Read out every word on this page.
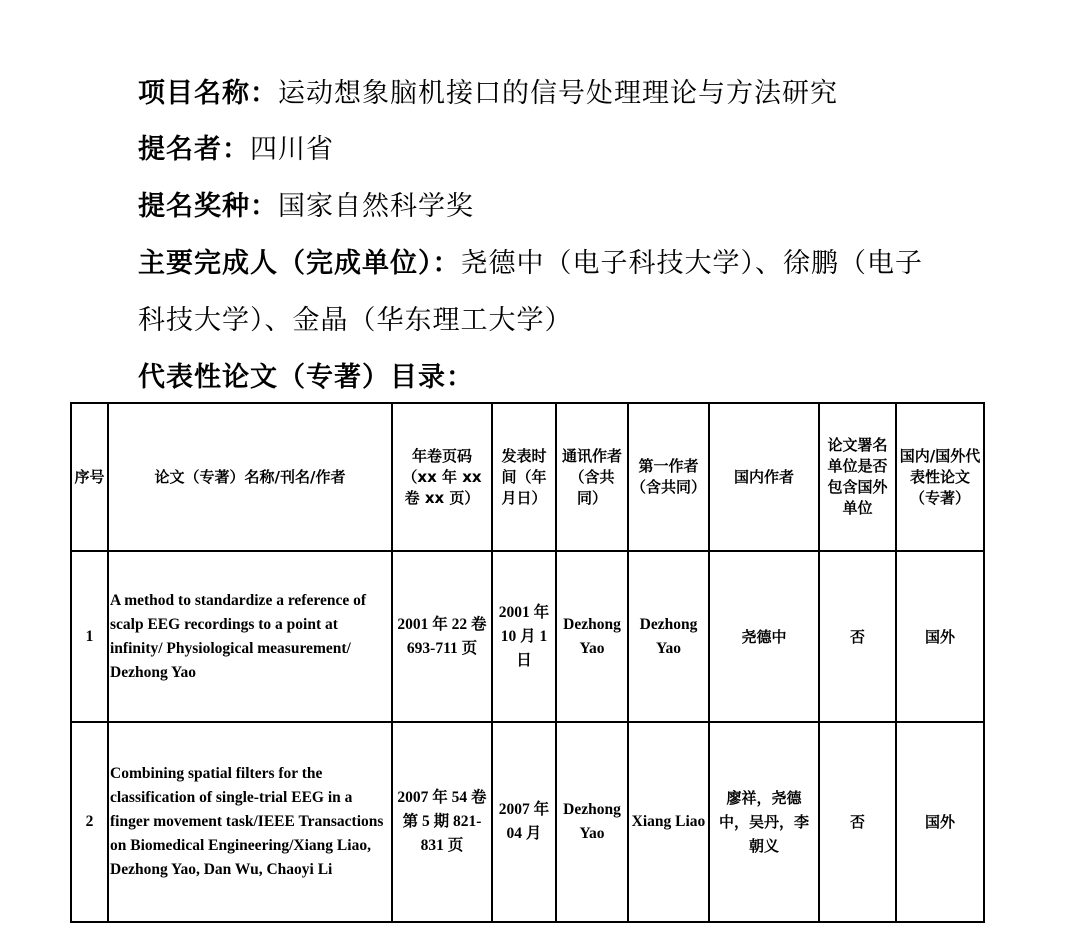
项目名称：运动想象脑机接口的信号处理理论与方法研究
提名者：四川省
提名奖种：国家自然科学奖
主要完成人（完成单位）：尧德中（电子科技大学）、徐鹏（电子
科技大学）、金晶（华东理工大学）
代表性论文（专著）目录：
序号	论文（专著）名称/刊名/作者	年卷页码（xx 年 xx 卷 xx 页）	发表时间（年月日）	通讯作者（含共同）	第一作者（含共同）	国内作者	论文署名单位是否包含国外单位	国内/国外代表性论文（专著）
1	A method to standardize a reference of scalp EEG recordings to a point at infinity/ Physiological measurement/ Dezhong Yao	2001 年 22 卷 693-711 页	2001 年 10 月 1 日	Dezhong Yao	Dezhong Yao	尧德中	否	国外
2	Combining spatial filters for the classification of single-trial EEG in a finger movement task/IEEE Transactions on Biomedical Engineering/Xiang Liao, Dezhong Yao, Dan Wu, Chaoyi Li	2007 年 54 卷第 5 期 821-831 页	2007 年 04 月	Dezhong Yao	Xiang Liao	廖祥，尧德中，吴丹，李朝义	否	国外
